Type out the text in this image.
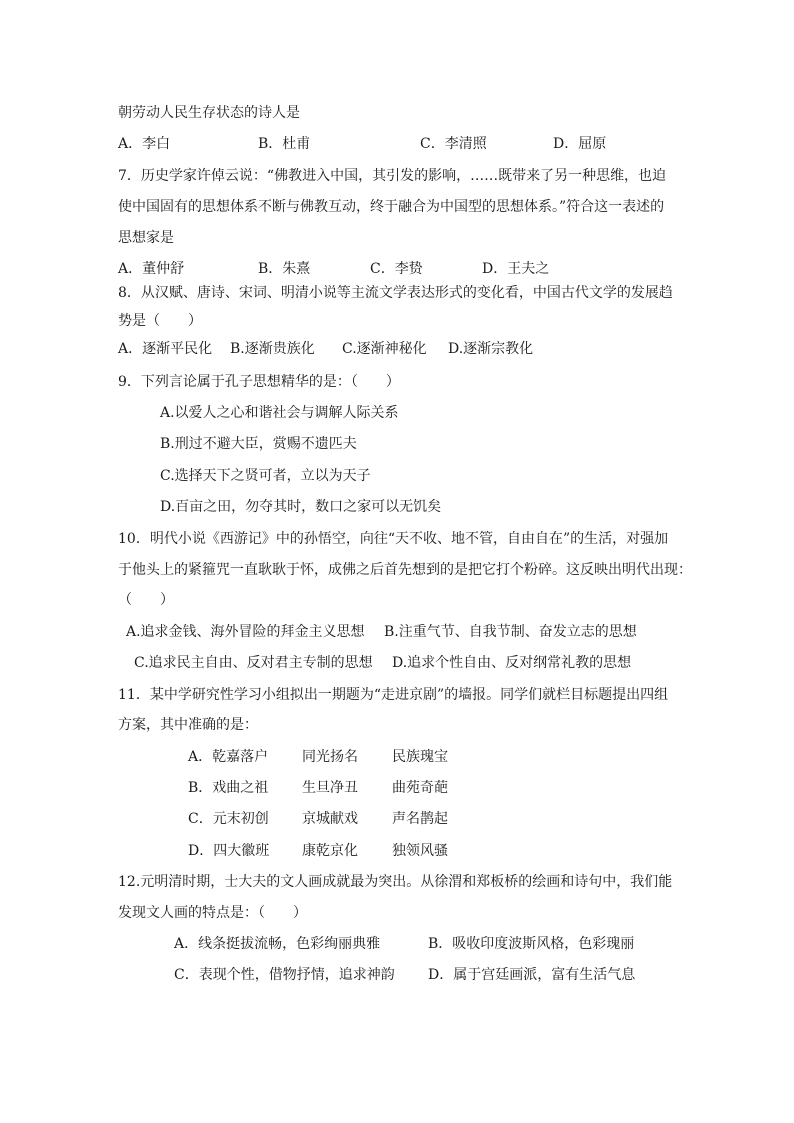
朝劳动人民生存状态的诗人是
A．李白	B．杜甫	C．李清照	D．屈原
7．历史学家许倬云说：“佛教进入中国，其引发的影响，……既带来了另一种思维，也迫
使中国固有的思想体系不断与佛教互动，终于融合为中国型的思想体系。”符合这一表述的
思想家是
A．董仲舒	B．朱熹	C．李贽	D．王夫之
8．从汉赋、唐诗、宋词、明清小说等主流文学表达形式的变化看，中国古代文学的发展趋
势是（　　）
A．逐渐平民化 B.逐渐贵族化 C.逐渐神秘化 D.逐渐宗教化
9．下列言论属于孔子思想精华的是：（　　）
A.以爱人之心和谐社会与调解人际关系
B.刑过不避大臣，赏赐不遗匹夫
C.选择天下之贤可者，立以为天子
D.百亩之田，勿夺其时，数口之家可以无饥矣
10．明代小说《西游记》中的孙悟空，向往“天不收、地不管，自由自在”的生活，对强加
于他头上的紧箍咒一直耿耿于怀，成佛之后首先想到的是把它打个粉碎。这反映出明代出现：
（　　）
A.追求金钱、海外冒险的拜金主义思想 B.注重气节、自我节制、奋发立志的思想
C.追求民主自由、反对君主专制的思想 D.追求个性自由、反对纲常礼教的思想
11．某中学研究性学习小组拟出一期题为“走进京剧”的墙报。同学们就栏目标题提出四组
方案，其中准确的是：
A．乾嘉落户 同光扬名 民族瑰宝
B．戏曲之祖 生旦净丑 曲苑奇葩
C．元末初创 京城献戏 声名鹊起
D．四大徽班 康乾京化 独领风骚
12.元明清时期，士大夫的文人画成就最为突出。从徐渭和郑板桥的绘画和诗句中，我们能
发现文人画的特点是：（　　）
A．线条挺拔流畅，色彩绚丽典雅	B．吸收印度波斯风格，色彩瑰丽
C．表现个性，借物抒情，追求神韵 D．属于宫廷画派，富有生活气息
